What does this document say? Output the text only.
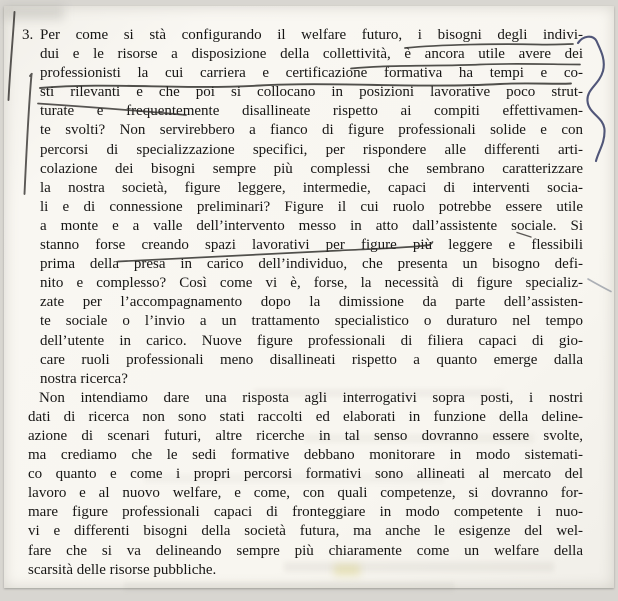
3. Per come si stà configurando il welfare futuro, i bisogni degli indivi-
dui e le risorse a disposizione della collettività, è ancora utile avere dei
professionisti la cui carriera e certificazione formativa ha tempi e co-
sti rilevanti e che poi si collocano in posizioni lavorative poco strut-
turate e frequentemente disallineate rispetto ai compiti effettivamen-
te svolti? Non servirebbero a fianco di figure professionali solide e con
percorsi di specializzazione specifici, per rispondere alle differenti arti-
colazione dei bisogni sempre più complessi che sembrano caratterizzare
la nostra società, figure leggere, intermedie, capaci di interventi socia-
li e di connessione preliminari? Figure il cui ruolo potrebbe essere utile
a monte e a valle dell’intervento messo in atto dall’assistente sociale. Si
stanno forse creando spazi lavorativi per figure più leggere e flessibili
prima della presa in carico dell’individuo, che presenta un bisogno defi-
nito e complesso? Così come vi è, forse, la necessità di figure specializ-
zate per l’accompagnamento dopo la dimissione da parte dell’assisten-
te sociale o l’invio a un trattamento specialistico o duraturo nel tempo
dell’utente in carico. Nuove figure professionali di filiera capaci di gio-
care ruoli professionali meno disallineati rispetto a quanto emerge dalla
nostra ricerca?
Non intendiamo dare una risposta agli interrogativi sopra posti, i nostri
dati di ricerca non sono stati raccolti ed elaborati in funzione della deline-
azione di scenari futuri, altre ricerche in tal senso dovranno essere svolte,
ma crediamo che le sedi formative debbano monitorare in modo sistemati-
co quanto e come i propri percorsi formativi sono allineati al mercato del
lavoro e al nuovo welfare, e come, con quali competenze, si dovranno for-
mare figure professionali capaci di fronteggiare in modo competente i nuo-
vi e differenti bisogni della società futura, ma anche le esigenze del wel-
fare che si va delineando sempre più chiaramente come un welfare della
scarsità delle risorse pubbliche.
